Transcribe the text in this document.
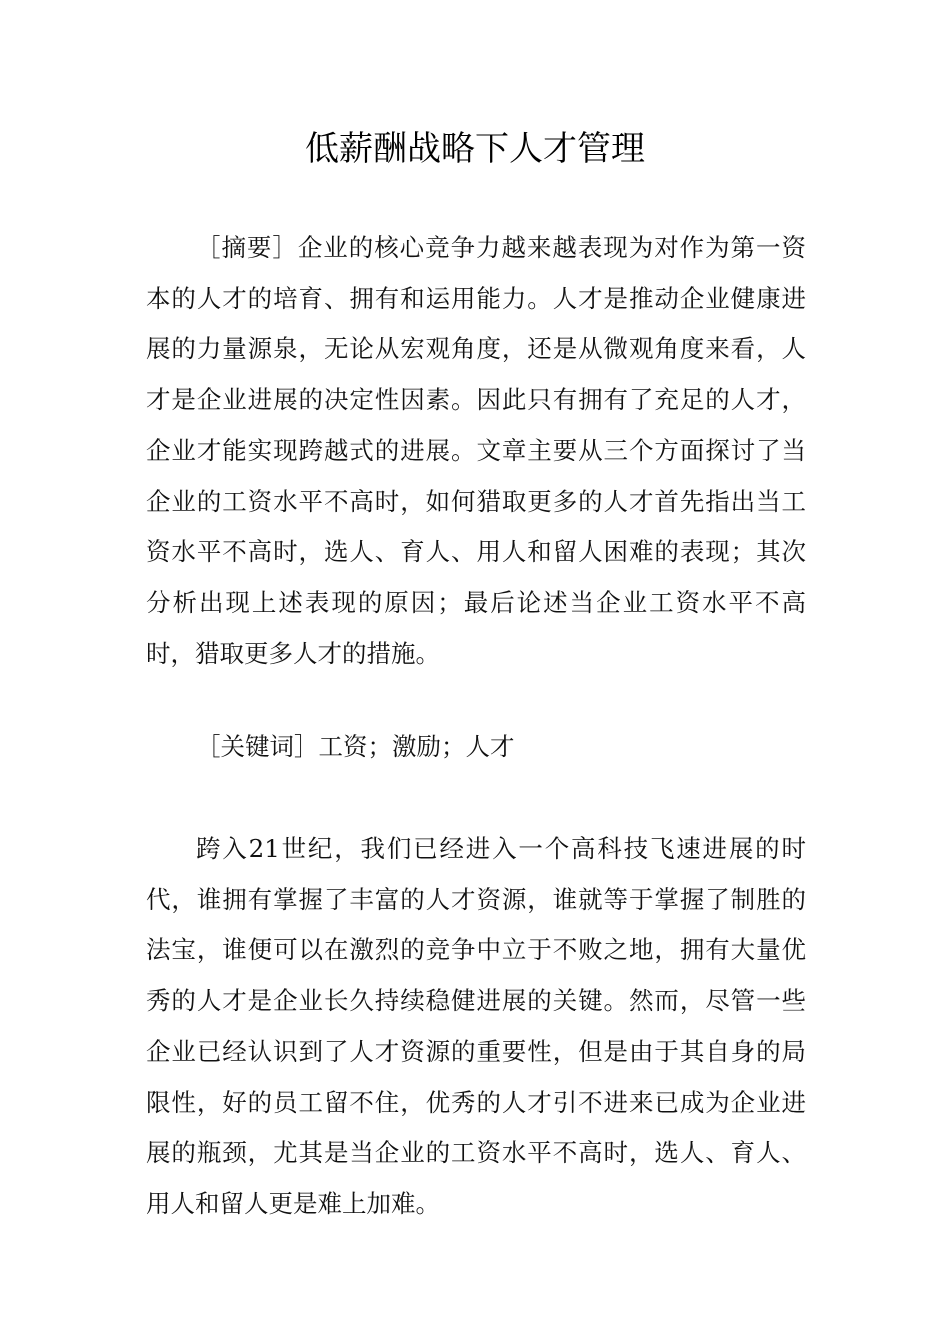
低薪酬战略下人才管理

［摘要］企业的核心竞争力越来越表现为对作为第一资本的人才的培育、拥有和运用能力。人才是推动企业健康进展的力量源泉，无论从宏观角度，还是从微观角度来看，人才是企业进展的决定性因素。因此只有拥有了充足的人才，企业才能实现跨越式的进展。文章主要从三个方面探讨了当企业的工资水平不高时，如何猎取更多的人才首先指出当工资水平不高时，选人、育人、用人和留人困难的表现；其次分析出现上述表现的原因；最后论述当企业工资水平不高时，猎取更多人才的措施。

［关键词］工资；激励；人才

跨入21世纪，我们已经进入一个高科技飞速进展的时代，谁拥有掌握了丰富的人才资源，谁就等于掌握了制胜的法宝，谁便可以在激烈的竞争中立于不败之地，拥有大量优秀的人才是企业长久持续稳健进展的关键。然而，尽管一些企业已经认识到了人才资源的重要性，但是由于其自身的局限性，好的员工留不住，优秀的人才引不进来已成为企业进展的瓶颈，尤其是当企业的工资水平不高时，选人、育人、用人和留人更是难上加难。
